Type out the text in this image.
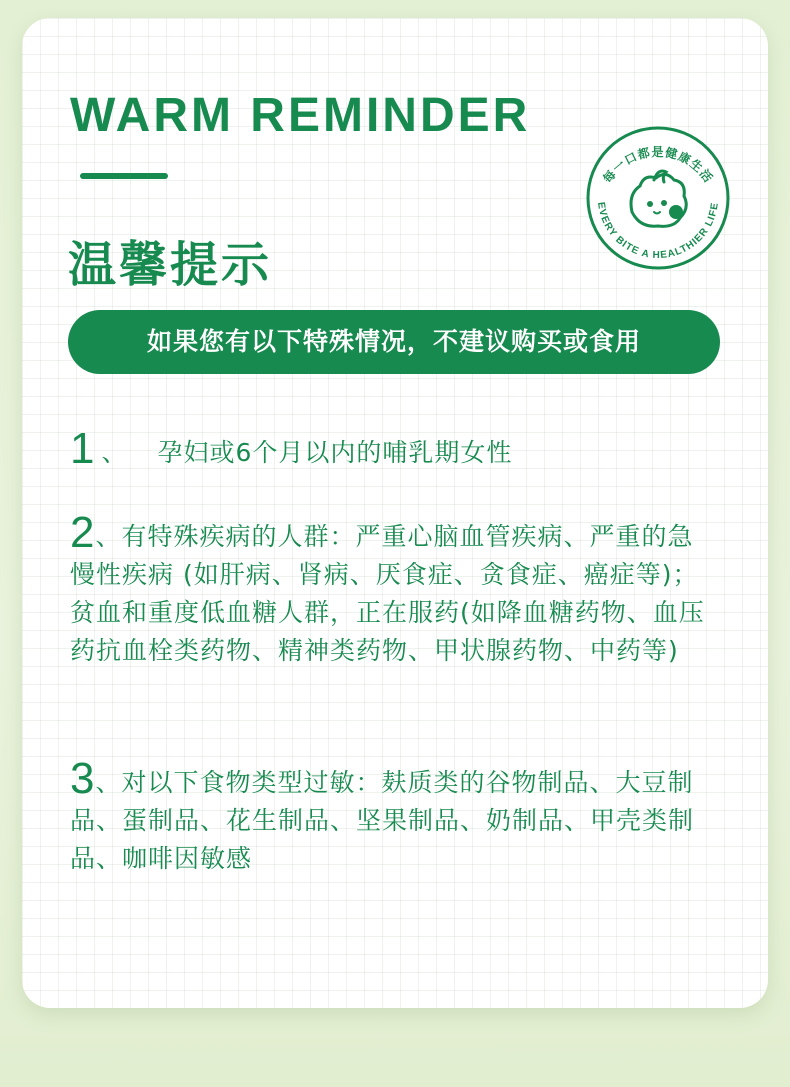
WARM REMINDER
温馨提示
每一口都是健康生活
EVERY BITE A HEALTHIER LIFE
如果您有以下特殊情况，不建议购买或食用
1 、 孕妇或6个月以内的哺乳期女性
2、有特殊疾病的人群：严重心脑血管疾病、严重的急慢性疾病 (如肝病、肾病、厌食症、贪食症、癌症等)；贫血和重度低血糖人群，正在服药(如降血糖药物、血压药抗血栓类药物、精神类药物、甲状腺药物、中药等)
3、对以下食物类型过敏：麸质类的谷物制品、大豆制品、蛋制品、花生制品、坚果制品、奶制品、甲壳类制品、咖啡因敏感
